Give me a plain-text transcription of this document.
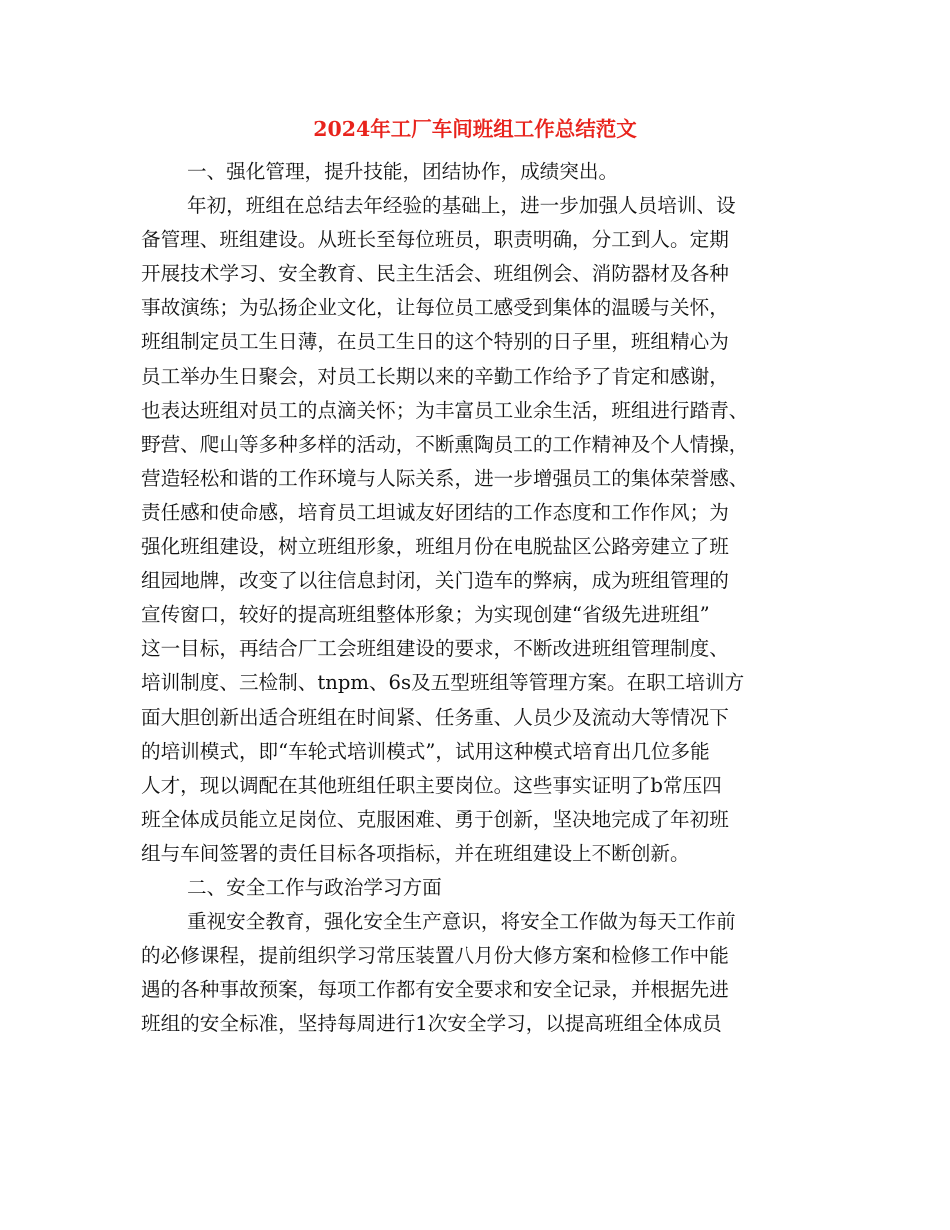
2024年工厂车间班组工作总结范文
一、强化管理，提升技能，团结协作，成绩突出。
年初，班组在总结去年经验的基础上，进一步加强人员培训、设
备管理、班组建设。从班长至每位班员，职责明确，分工到人。定期
开展技术学习、安全教育、民主生活会、班组例会、消防器材及各种
事故演练；为弘扬企业文化，让每位员工感受到集体的温暖与关怀，
班组制定员工生日薄，在员工生日的这个特别的日子里，班组精心为
员工举办生日聚会，对员工长期以来的辛勤工作给予了肯定和感谢，
也表达班组对员工的点滴关怀；为丰富员工业余生活，班组进行踏青、
野营、爬山等多种多样的活动，不断熏陶员工的工作精神及个人情操，
营造轻松和谐的工作环境与人际关系，进一步增强员工的集体荣誉感、
责任感和使命感，培育员工坦诚友好团结的工作态度和工作作风；为
强化班组建设，树立班组形象，班组月份在电脱盐区公路旁建立了班
组园地牌，改变了以往信息封闭，关门造车的弊病，成为班组管理的
宣传窗口，较好的提高班组整体形象；为实现创建“省级先进班组”
这一目标，再结合厂工会班组建设的要求，不断改进班组管理制度、
培训制度、三检制、tnpm、6s及五型班组等管理方案。在职工培训方
面大胆创新出适合班组在时间紧、任务重、人员少及流动大等情况下
的培训模式，即“车轮式培训模式”，试用这种模式培育出几位多能
人才，现以调配在其他班组任职主要岗位。这些事实证明了b常压四
班全体成员能立足岗位、克服困难、勇于创新，坚决地完成了年初班
组与车间签署的责任目标各项指标，并在班组建设上不断创新。
二、安全工作与政治学习方面
重视安全教育，强化安全生产意识，将安全工作做为每天工作前
的必修课程，提前组织学习常压装置八月份大修方案和检修工作中能
遇的各种事故预案，每项工作都有安全要求和安全记录，并根据先进
班组的安全标准，坚持每周进行1次安全学习，以提高班组全体成员
